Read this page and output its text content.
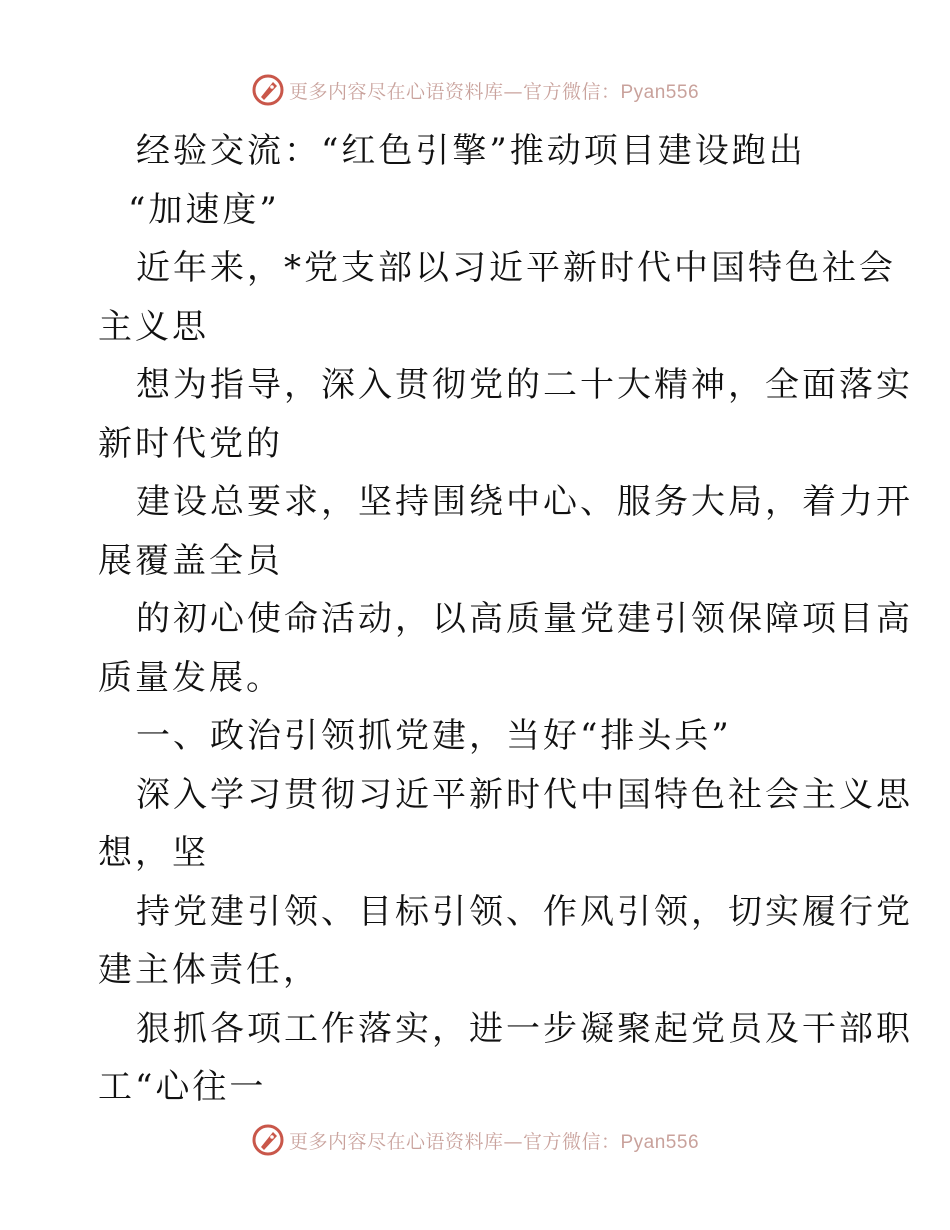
更多内容尽在心语资料库—官方微信：Pyan556
经验交流：“红色引擎”推动项目建设跑出
“加速度”
近年来，*党支部以习近平新时代中国特色社会
主义思
想为指导，深入贯彻党的二十大精神，全面落实
新时代党的
建设总要求，坚持围绕中心、服务大局，着力开
展覆盖全员
的初心使命活动，以高质量党建引领保障项目高
质量发展。
一、政治引领抓党建，当好“排头兵”
深入学习贯彻习近平新时代中国特色社会主义思
想，坚
持党建引领、目标引领、作风引领，切实履行党
建主体责任，
狠抓各项工作落实，进一步凝聚起党员及干部职
工“心往一
更多内容尽在心语资料库—官方微信：Pyan556
